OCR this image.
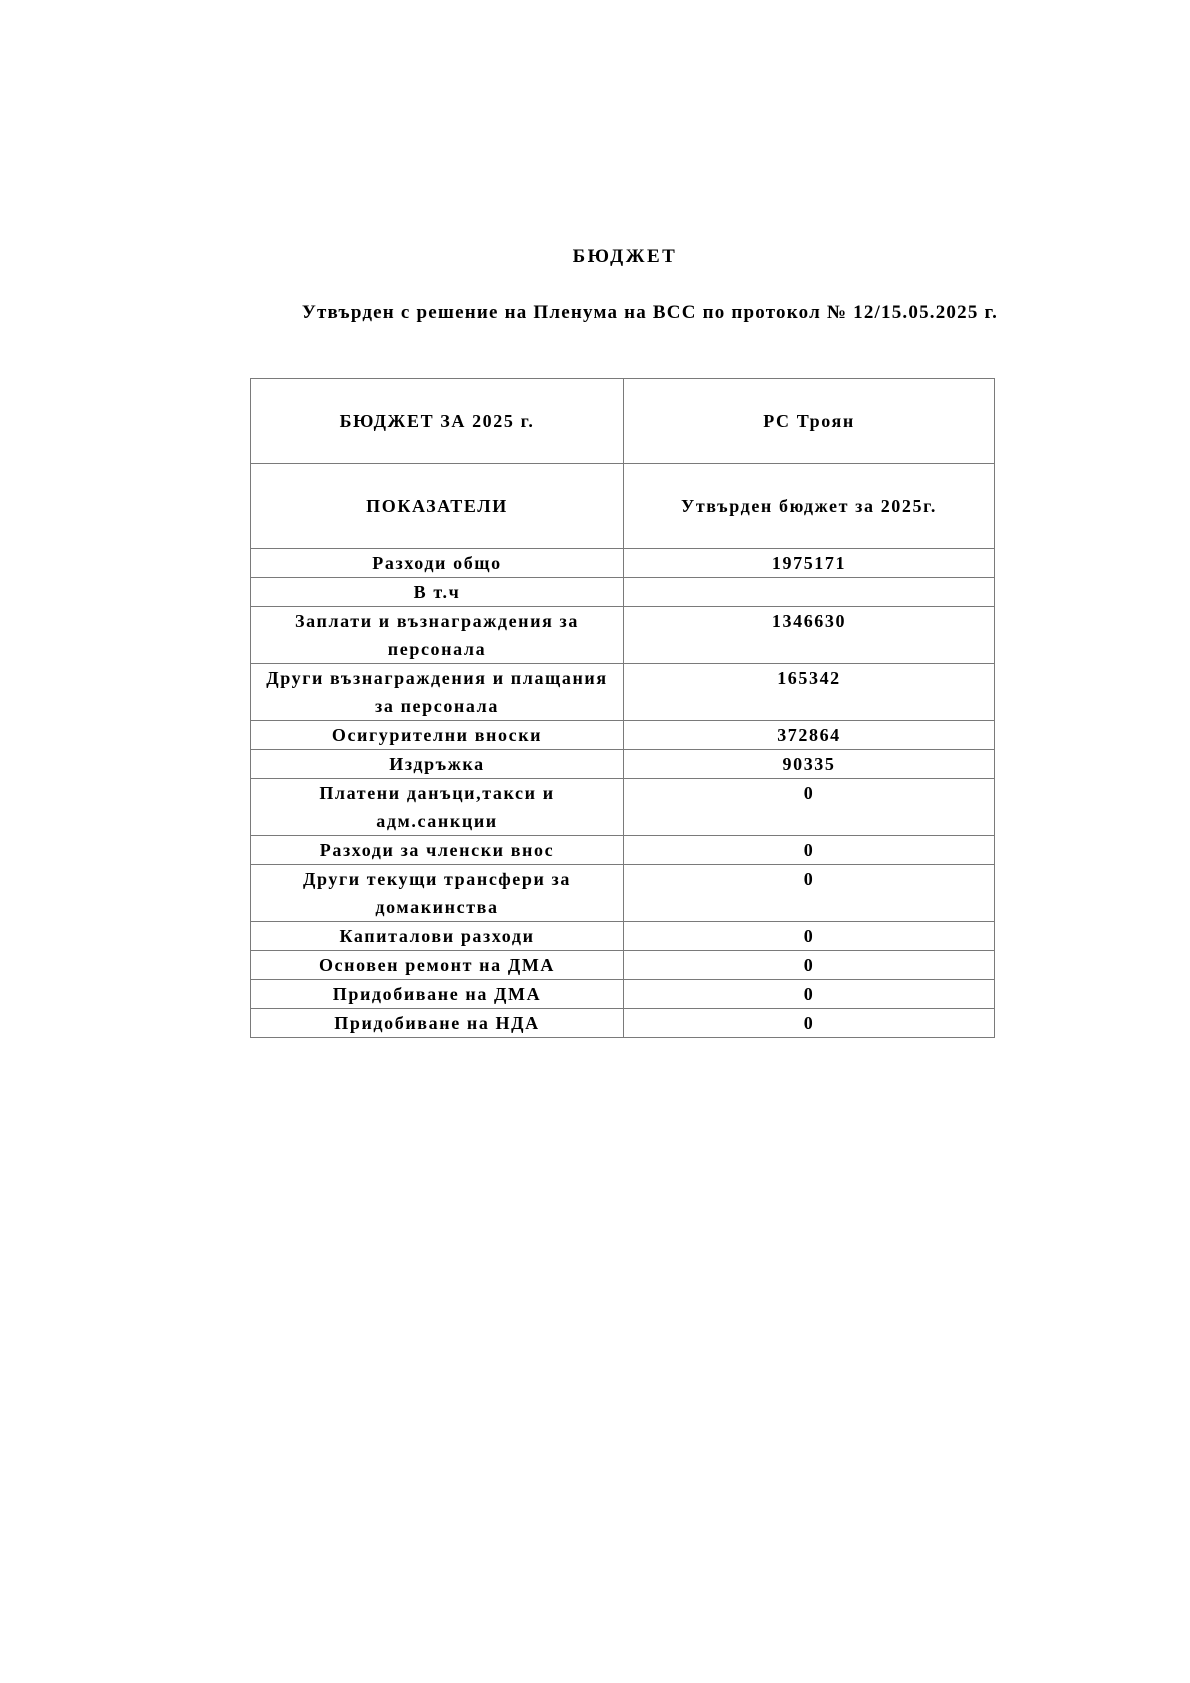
БЮДЖЕТ
Утвърден с решение на Пленума на ВСС по протокол № 12/15.05.2025 г.
БЮДЖЕТ ЗА 2025 г.	РС Троян
ПОКАЗАТЕЛИ	Утвърден бюджет за 2025г.
Разходи общо	1975171
В т.ч	
Заплати и възнаграждения за персонала	1346630
Други възнаграждения и плащания за персонала	165342
Осигурителни вноски	372864
Издръжка	90335
Платени данъци,такси и адм.санкции	0
Разходи за членски внос	0
Други текущи трансфери за домакинства	0
Капиталови разходи	0
Основен ремонт на ДМА	0
Придобиване на ДМА	0
Придобиване на НДА	0
